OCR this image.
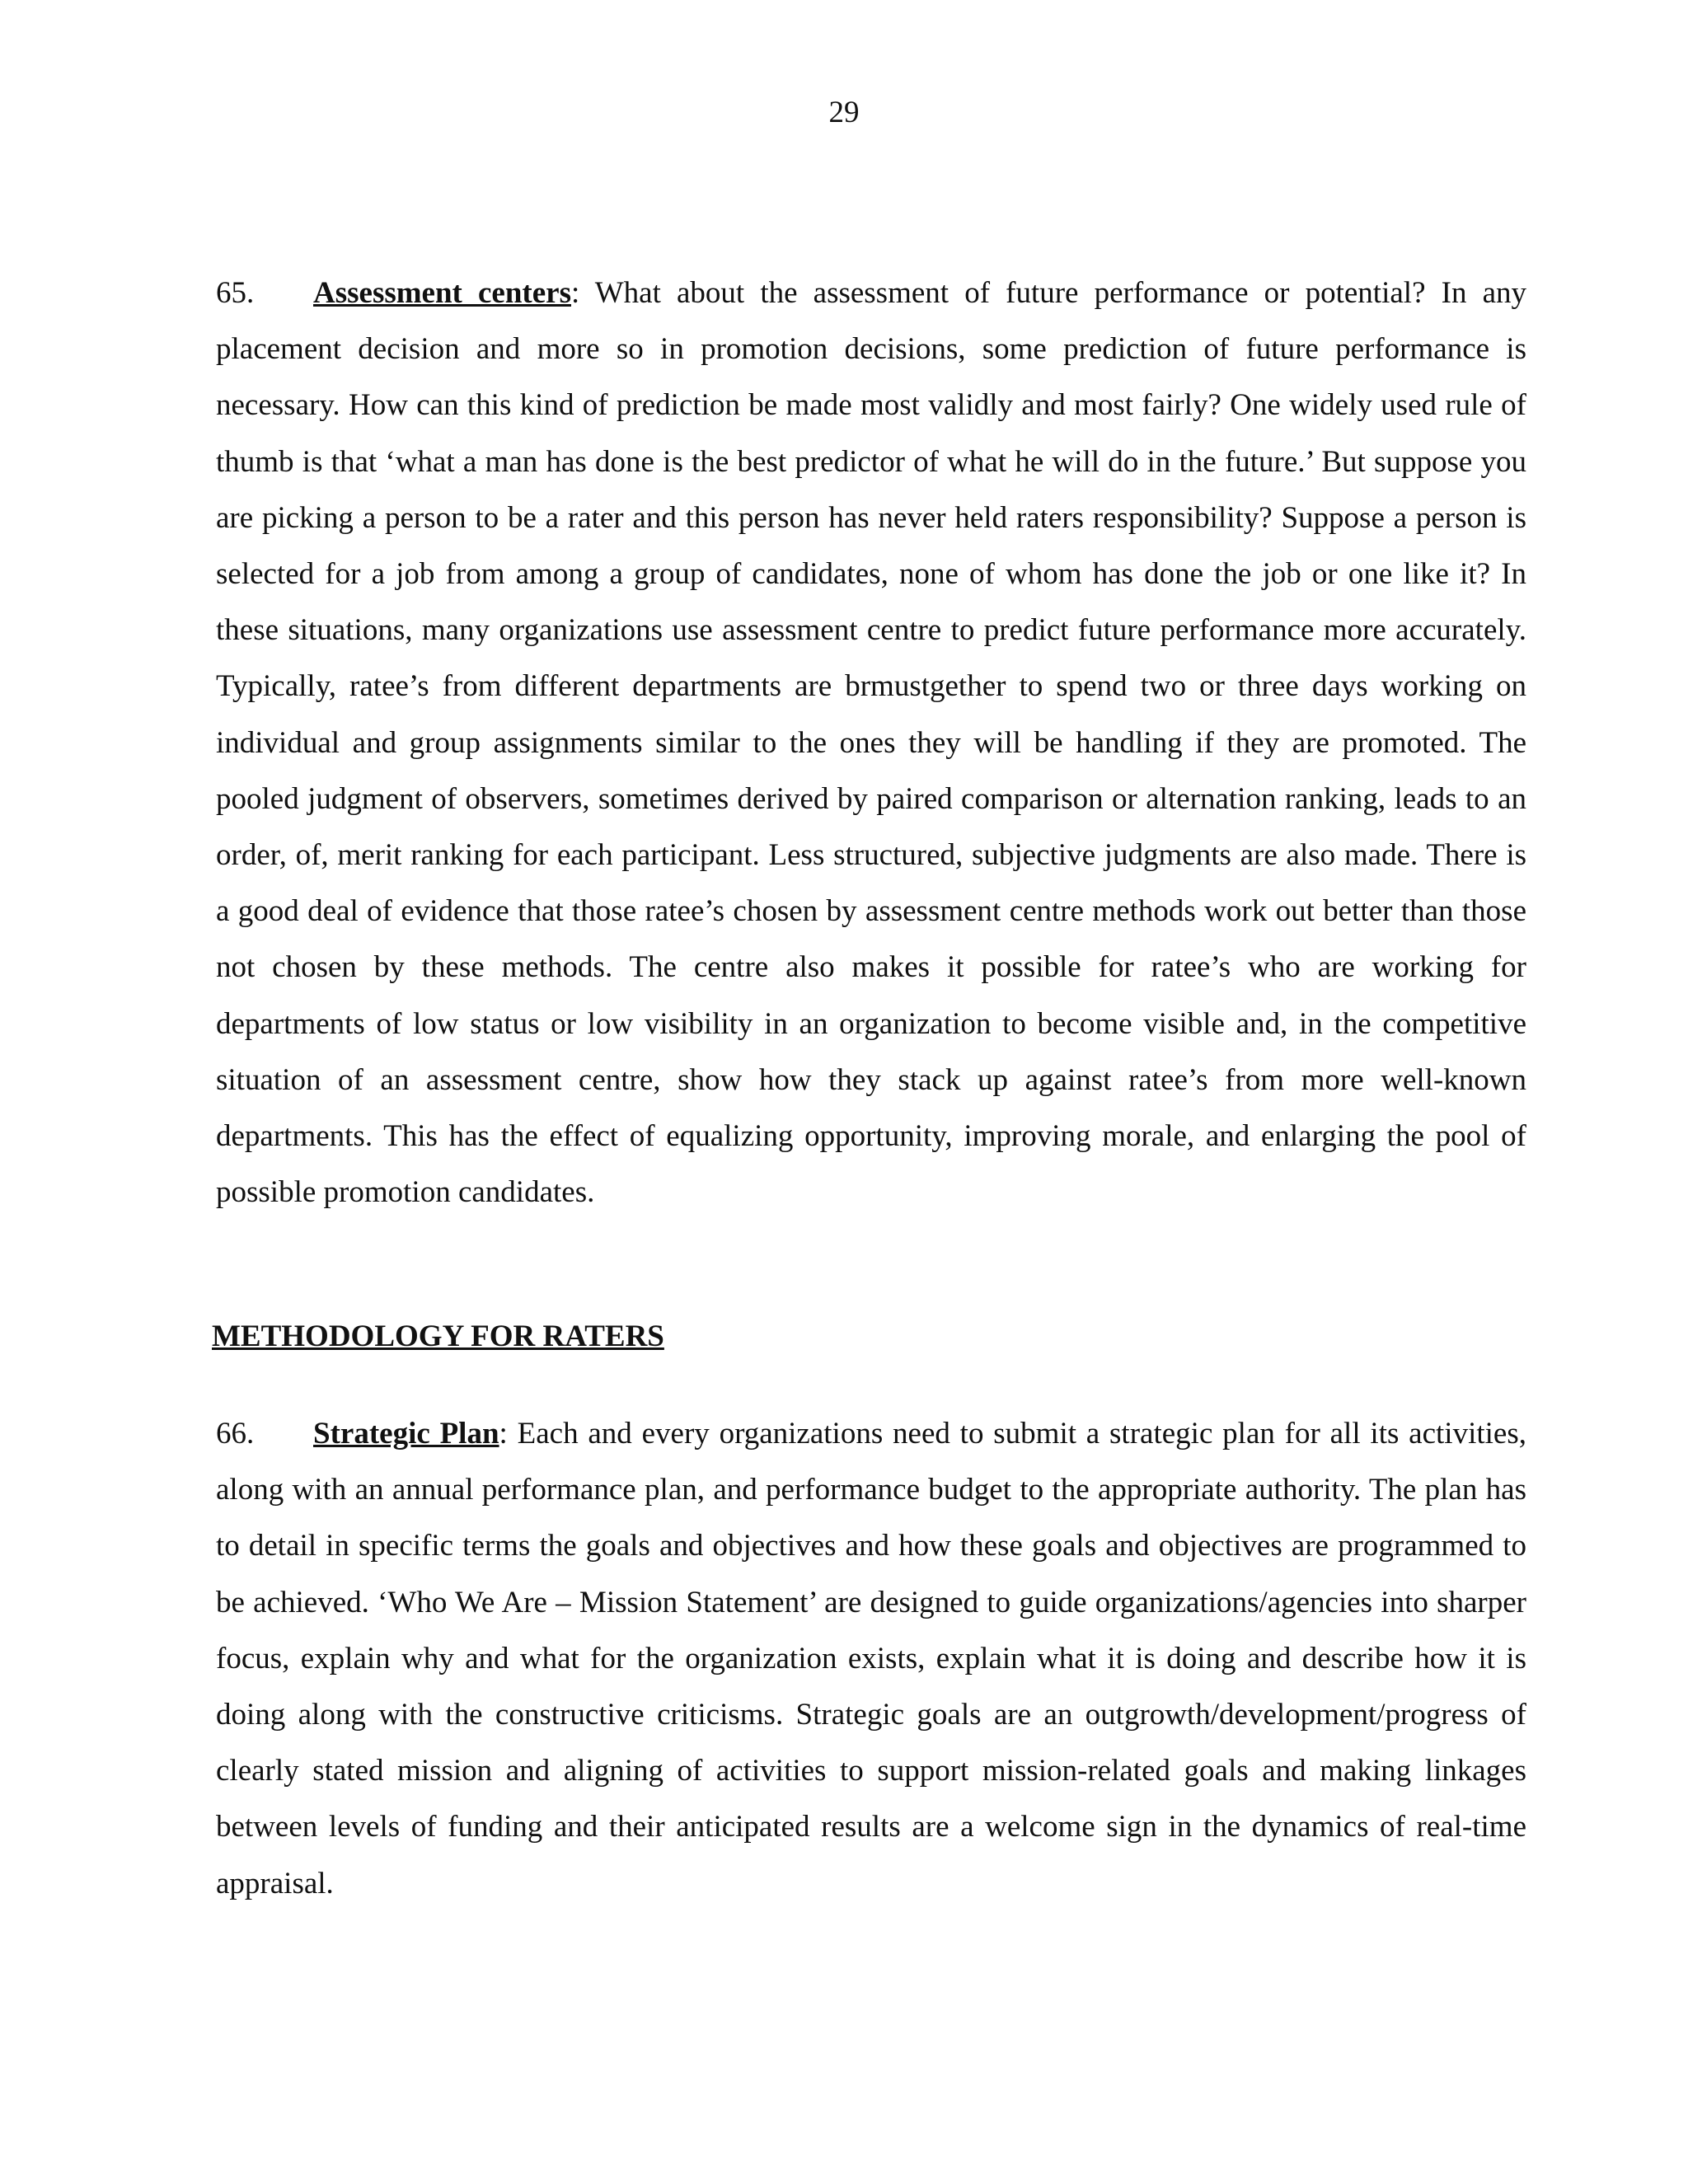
29

65. Assessment centers: What about the assessment of future performance or potential? In any placement decision and more so in promotion decisions, some prediction of future performance is necessary. How can this kind of prediction be made most validly and most fairly? One widely used rule of thumb is that ‘what a man has done is the best predictor of what he will do in the future.’ But suppose you are picking a person to be a rater and this person has never held raters responsibility? Suppose a person is selected for a job from among a group of candidates, none of whom has done the job or one like it? In these situations, many organizations use assessment centre to predict future performance more accurately. Typically, ratee’s from different departments are brmustgether to spend two or three days working on individual and group assignments similar to the ones they will be handling if they are promoted. The pooled judgment of observers, sometimes derived by paired comparison or alternation ranking, leads to an order, of, merit ranking for each participant. Less structured, subjective judgments are also made. There is a good deal of evidence that those ratee’s chosen by assessment centre methods work out better than those not chosen by these methods. The centre also makes it possible for ratee’s who are working for departments of low status or low visibility in an organization to become visible and, in the competitive situation of an assessment centre, show how they stack up against ratee’s from more well-known departments. This has the effect of equalizing opportunity, improving morale, and enlarging the pool of possible promotion candidates.

METHODOLOGY FOR RATERS

66. Strategic Plan: Each and every organizations need to submit a strategic plan for all its activities, along with an annual performance plan, and performance budget to the appropriate authority. The plan has to detail in specific terms the goals and objectives and how these goals and objectives are programmed to be achieved. ‘Who We Are – Mission Statement’ are designed to guide organizations/agencies into sharper focus, explain why and what for the organization exists, explain what it is doing and describe how it is doing along with the constructive criticisms. Strategic goals are an outgrowth/development/progress of clearly stated mission and aligning of activities to support mission-related goals and making linkages between levels of funding and their anticipated results are a welcome sign in the dynamics of real-time appraisal.
